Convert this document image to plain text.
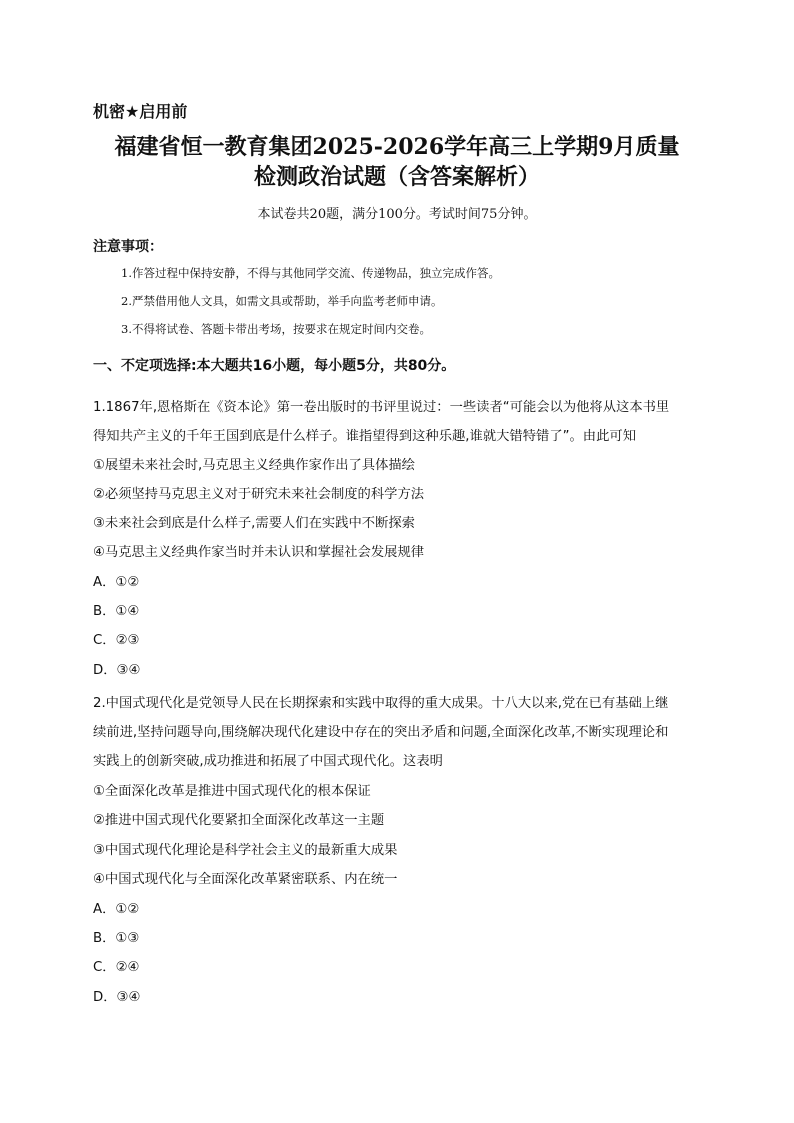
机密★启用前
福建省恒一教育集团2025-2026学年高三上学期9月质量
检测政治试题（含答案解析）
本试卷共20题，满分100分。考试时间75分钟。
注意事项：
1.作答过程中保持安静，不得与其他同学交流、传递物品，独立完成作答。
2.严禁借用他人文具，如需文具或帮助，举手向监考老师申请。
3.不得将试卷、答题卡带出考场，按要求在规定时间内交卷。
一、不定项选择:本大题共16小题，每小题5分，共80分。
1.1867年,恩格斯在《资本论》第一卷出版时的书评里说过：一些读者“可能会以为他将从这本书里
得知共产主义的千年王国到底是什么样子。谁指望得到这种乐趣,谁就大错特错了”。由此可知
①展望未来社会时,马克思主义经典作家作出了具体描绘
②必须坚持马克思主义对于研究未来社会制度的科学方法
③未来社会到底是什么样子,需要人们在实践中不断探索
④马克思主义经典作家当时并未认识和掌握社会发展规律
A．①②
B．①④
C．②③
D．③④
2.中国式现代化是党领导人民在长期探索和实践中取得的重大成果。十八大以来,党在已有基础上继
续前进,坚持问题导向,围绕解决现代化建设中存在的突出矛盾和问题,全面深化改革,不断实现理论和
实践上的创新突破,成功推进和拓展了中国式现代化。这表明
①全面深化改革是推进中国式现代化的根本保证
②推进中国式现代化要紧扣全面深化改革这一主题
③中国式现代化理论是科学社会主义的最新重大成果
④中国式现代化与全面深化改革紧密联系、内在统一
A．①②
B．①③
C．②④
D．③④
